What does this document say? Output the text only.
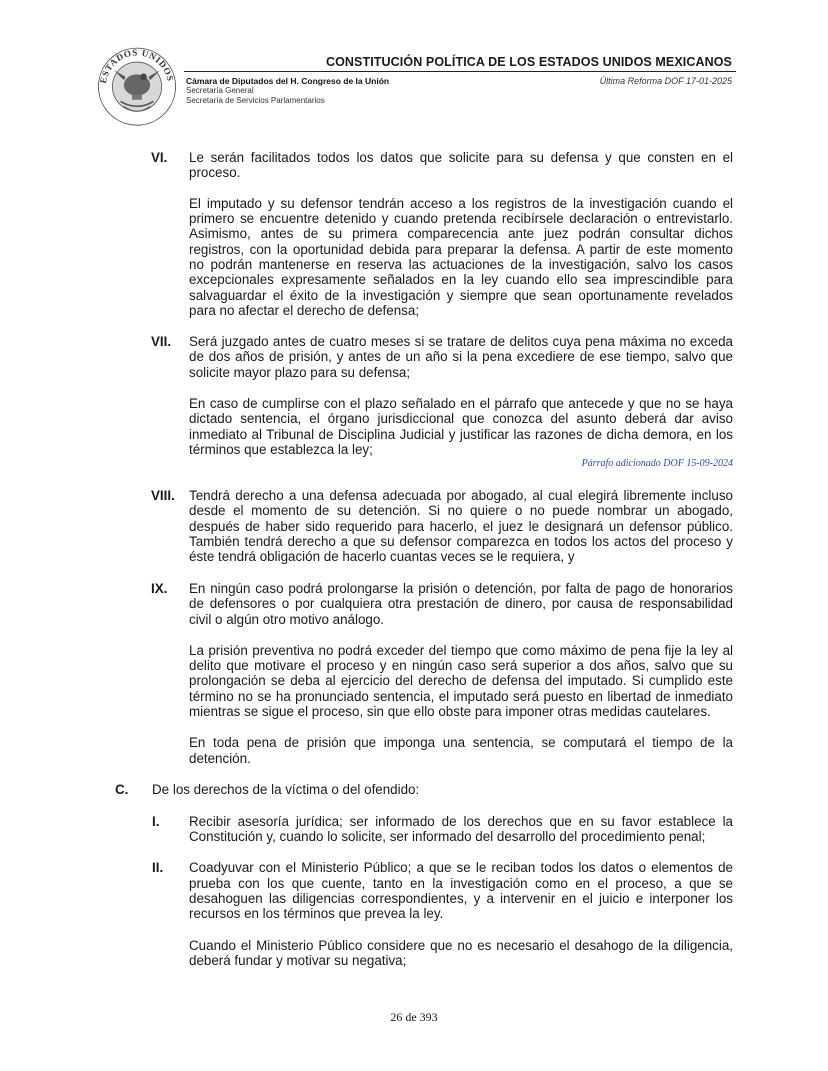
ESTADOS UNIDOS
CONSTITUCIÓN POLÍTICA DE LOS ESTADOS UNIDOS MEXICANOS
Cámara de Diputados del H. Congreso de la Unión
Secretaría General
Secretaría de Servicios Parlamentarios
Última Reforma DOF 17-01-2025
VI. Le serán facilitados todos los datos que solicite para su defensa y que consten en el
proceso.
El imputado y su defensor tendrán acceso a los registros de la investigación cuando el
primero se encuentre detenido y cuando pretenda recibírsele declaración o entrevistarlo.
Asimismo, antes de su primera comparecencia ante juez podrán consultar dichos
registros, con la oportunidad debida para preparar la defensa. A partir de este momento
no podrán mantenerse en reserva las actuaciones de la investigación, salvo los casos
excepcionales expresamente señalados en la ley cuando ello sea imprescindible para
salvaguardar el éxito de la investigación y siempre que sean oportunamente revelados
para no afectar el derecho de defensa;
VII. Será juzgado antes de cuatro meses si se tratare de delitos cuya pena máxima no exceda
de dos años de prisión, y antes de un año si la pena excediere de ese tiempo, salvo que
solicite mayor plazo para su defensa;
En caso de cumplirse con el plazo señalado en el párrafo que antecede y que no se haya
dictado sentencia, el órgano jurisdiccional que conozca del asunto deberá dar aviso
inmediato al Tribunal de Disciplina Judicial y justificar las razones de dicha demora, en los
términos que establezca la ley;
Párrafo adicionado DOF 15-09-2024
VIII. Tendrá derecho a una defensa adecuada por abogado, al cual elegirá libremente incluso
desde el momento de su detención. Si no quiere o no puede nombrar un abogado,
después de haber sido requerido para hacerlo, el juez le designará un defensor público.
También tendrá derecho a que su defensor comparezca en todos los actos del proceso y
éste tendrá obligación de hacerlo cuantas veces se le requiera, y
IX. En ningún caso podrá prolongarse la prisión o detención, por falta de pago de honorarios
de defensores o por cualquiera otra prestación de dinero, por causa de responsabilidad
civil o algún otro motivo análogo.
La prisión preventiva no podrá exceder del tiempo que como máximo de pena fije la ley al
delito que motivare el proceso y en ningún caso será superior a dos años, salvo que su
prolongación se deba al ejercicio del derecho de defensa del imputado. Si cumplido este
término no se ha pronunciado sentencia, el imputado será puesto en libertad de inmediato
mientras se sigue el proceso, sin que ello obste para imponer otras medidas cautelares.
En toda pena de prisión que imponga una sentencia, se computará el tiempo de la
detención.
C. De los derechos de la víctima o del ofendido:
I. Recibir asesoría jurídica; ser informado de los derechos que en su favor establece la
Constitución y, cuando lo solicite, ser informado del desarrollo del procedimiento penal;
II. Coadyuvar con el Ministerio Público; a que se le reciban todos los datos o elementos de
prueba con los que cuente, tanto en la investigación como en el proceso, a que se
desahoguen las diligencias correspondientes, y a intervenir en el juicio e interponer los
recursos en los términos que prevea la ley.
Cuando el Ministerio Público considere que no es necesario el desahogo de la diligencia,
deberá fundar y motivar su negativa;
26 de 393
